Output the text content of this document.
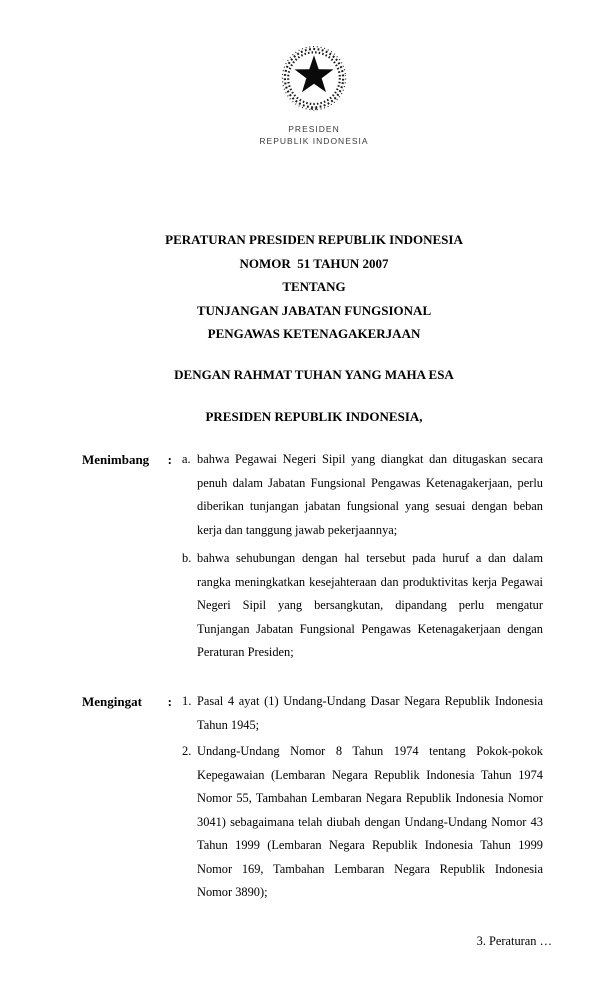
PRESIDEN
REPUBLIK INDONESIA
PERATURAN PRESIDEN REPUBLIK INDONESIA
NOMOR  51 TAHUN 2007
TENTANG
TUNJANGAN JABATAN FUNGSIONAL
PENGAWAS KETENAGAKERJAAN
DENGAN RAHMAT TUHAN YANG MAHA ESA
PRESIDEN REPUBLIK INDONESIA,
Menimbang : a. bahwa Pegawai Negeri Sipil yang diangkat dan ditugaskan secara
penuh dalam Jabatan Fungsional Pengawas Ketenagakerjaan, perlu
diberikan tunjangan jabatan fungsional yang sesuai dengan beban
kerja dan tanggung jawab pekerjaannya;
b. bahwa sehubungan dengan hal tersebut pada huruf a dan dalam
rangka meningkatkan kesejahteraan dan produktivitas kerja Pegawai
Negeri Sipil yang bersangkutan, dipandang perlu mengatur
Tunjangan Jabatan Fungsional Pengawas Ketenagakerjaan dengan
Peraturan Presiden;
Mengingat : 1. Pasal 4 ayat (1) Undang-Undang Dasar Negara Republik Indonesia
Tahun 1945;
2. Undang-Undang Nomor 8 Tahun 1974 tentang Pokok-pokok
Kepegawaian (Lembaran Negara Republik Indonesia Tahun 1974
Nomor 55, Tambahan Lembaran Negara Republik Indonesia Nomor
3041) sebagaimana telah diubah dengan Undang-Undang Nomor 43
Tahun 1999 (Lembaran Negara Republik Indonesia Tahun 1999
Nomor 169, Tambahan Lembaran Negara Republik Indonesia
Nomor 3890);
3. Peraturan …
